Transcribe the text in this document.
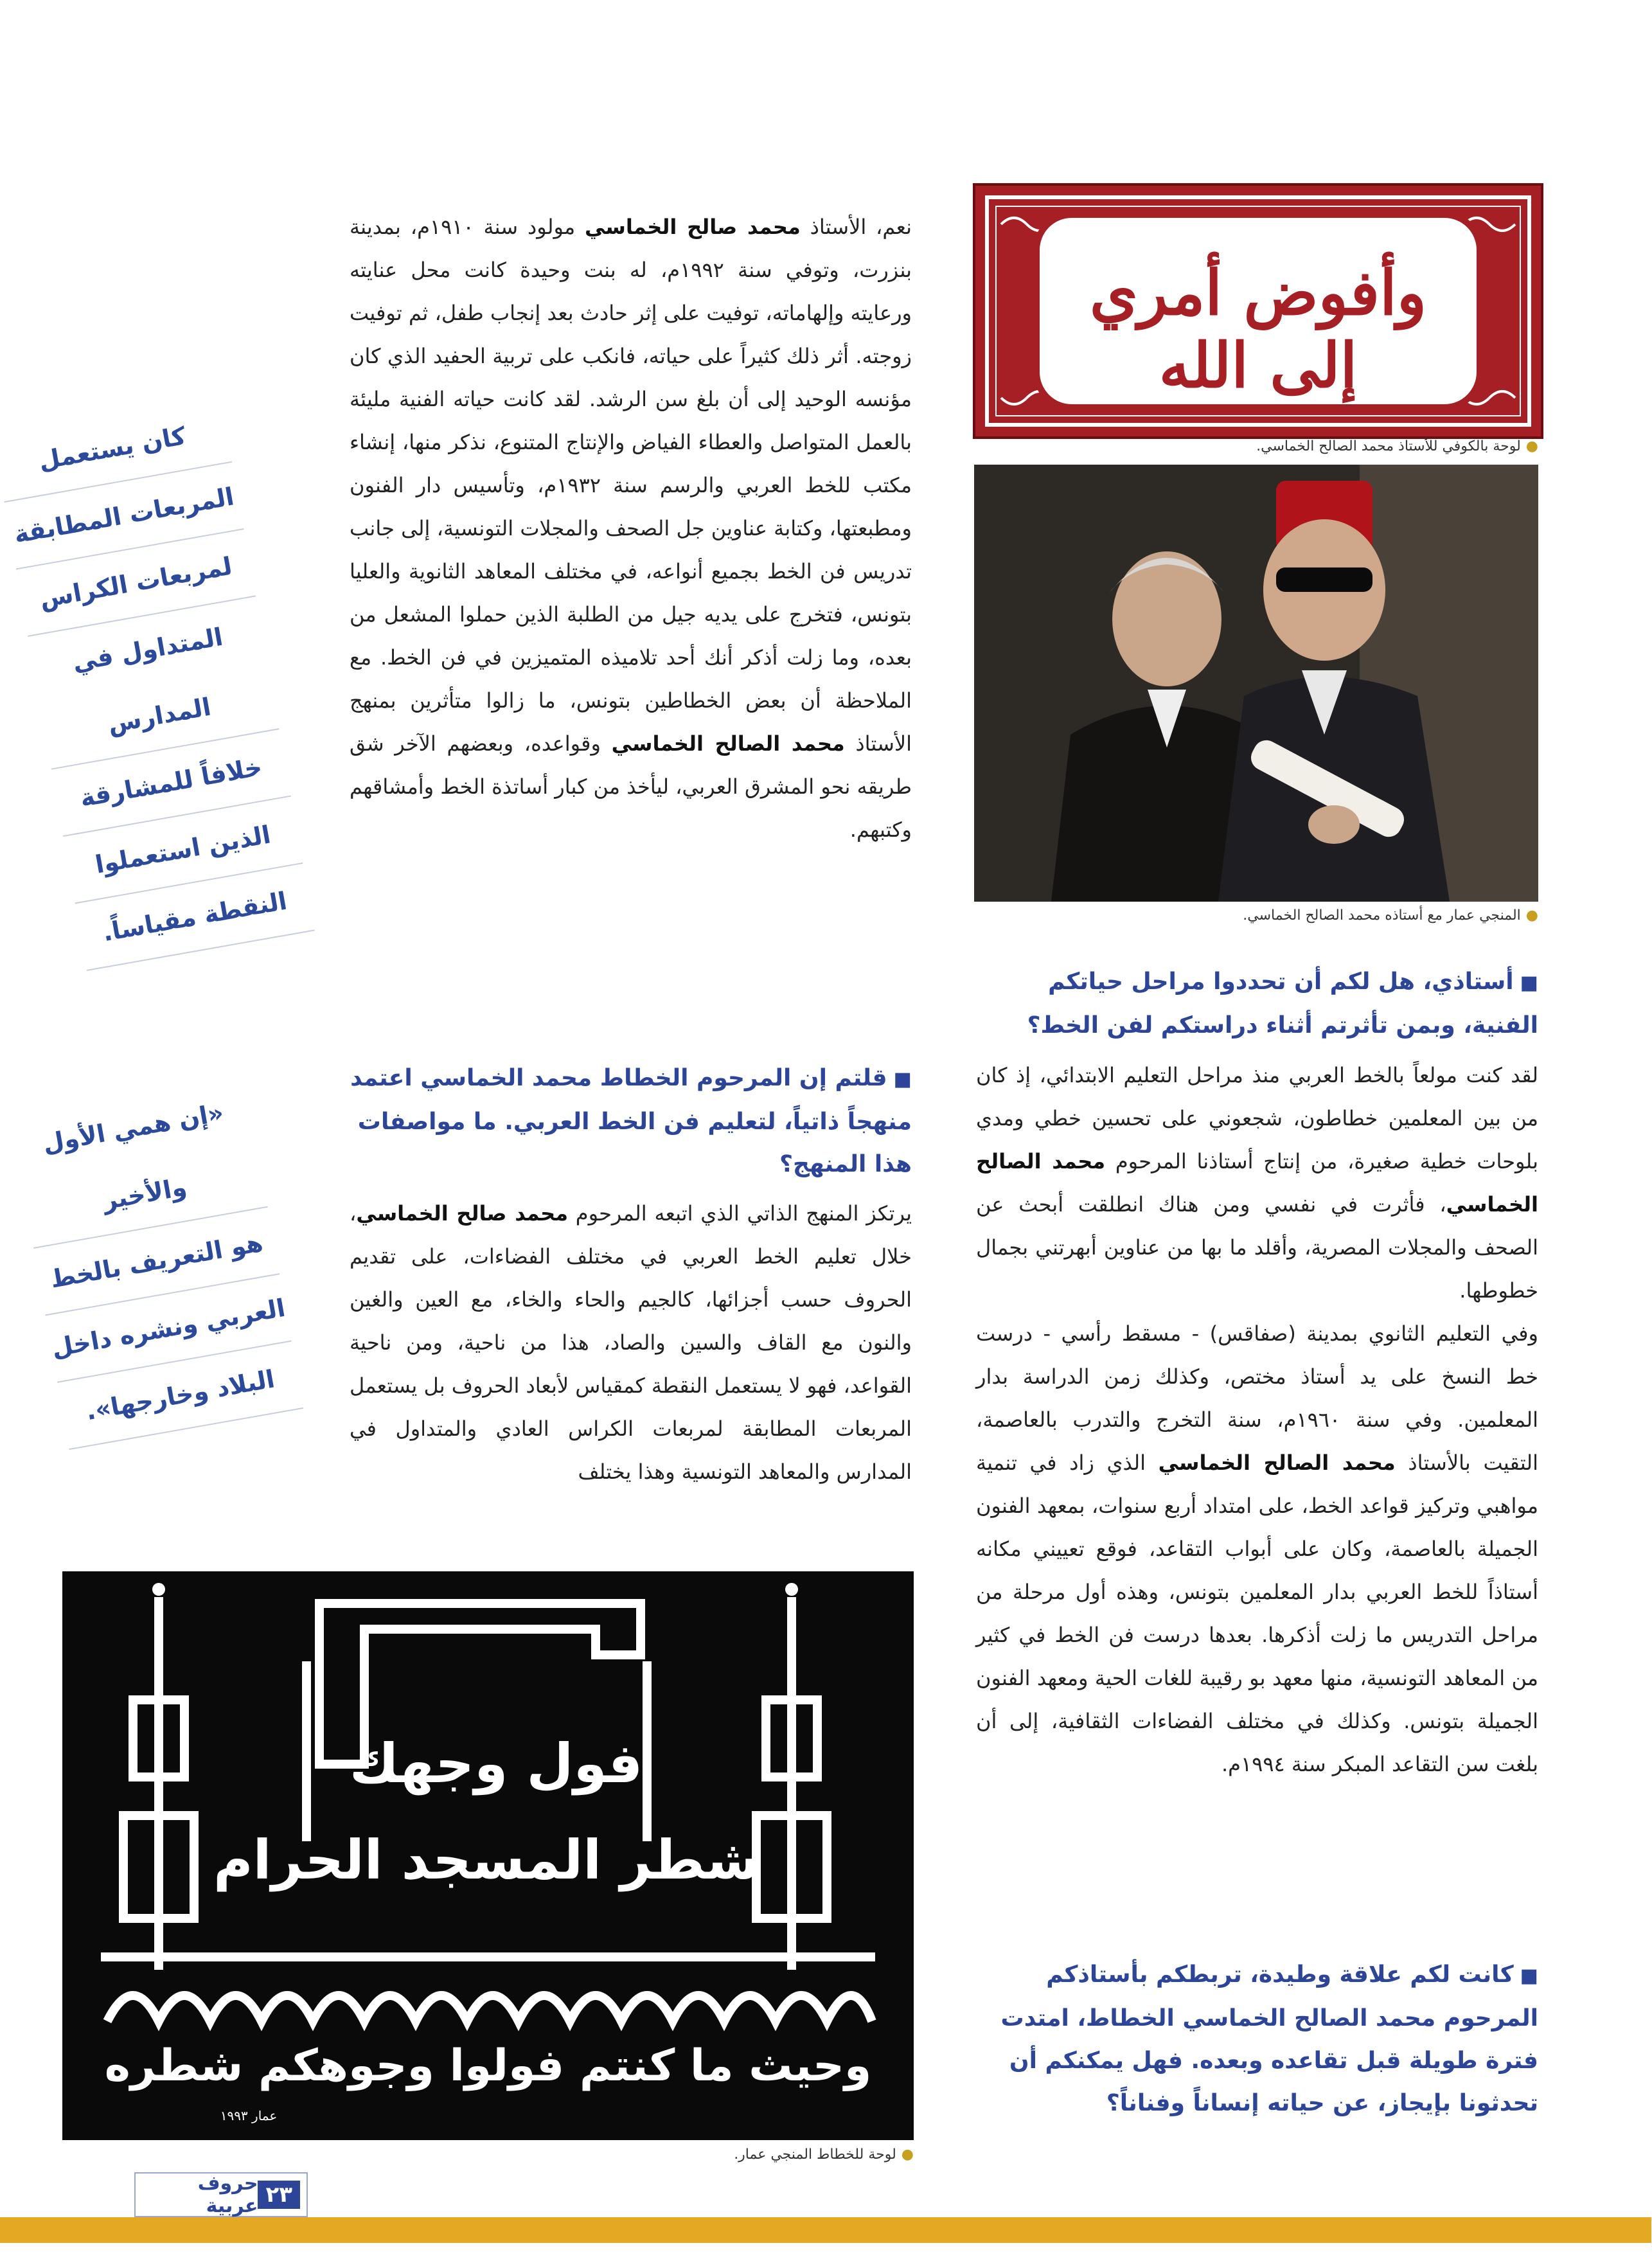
وأفوض أمري إلى الله
●لوحة بالكوفي للأستاذ محمد الصالح الخماسي.
●المنجي عمار مع أستاذه محمد الصالح الخماسي.
■أستاذي، هل لكم أن تحددوا مراحل حياتكم الفنية، وبمن تأثرتم أثناء دراستكم لفن الخط؟

لقد كنت مولعاً بالخط العربي منذ مراحل التعليم الابتدائي، إذ كان من بين المعلمين خطاطون، شجعوني على تحسين خطي ومدي بلوحات خطية صغيرة، من إنتاج أستاذنا المرحوم محمد الصالح الخماسي، فأثرت في نفسي ومن هناك انطلقت أبحث عن الصحف والمجلات المصرية، وأقلد ما بها من عناوين أبهرتني بجمال خطوطها.

وفي التعليم الثانوي بمدينة (صفاقس) - مسقط رأسي - درست خط النسخ على يد أستاذ مختص، وكذلك زمن الدراسة بدار المعلمين. وفي سنة ١٩٦٠م، سنة التخرج والتدرب بالعاصمة، التقيت بالأستاذ محمد الصالح الخماسي الذي زاد في تنمية مواهبي وتركيز قواعد الخط، على امتداد أربع سنوات، بمعهد الفنون الجميلة بالعاصمة، وكان على أبواب التقاعد، فوقع تعييني مكانه أستاذاً للخط العربي بدار المعلمين بتونس، وهذه أول مرحلة من مراحل التدريس ما زلت أذكرها. بعدها درست فن الخط في كثير من المعاهد التونسية، منها معهد بو رقيبة للغات الحية ومعهد الفنون الجميلة بتونس. وكذلك في مختلف الفضاءات الثقافية، إلى أن بلغت سن التقاعد المبكر سنة ١٩٩٤م.

■كانت لكم علاقة وطيدة، تربطكم بأستاذكم المرحوم محمد الصالح الخماسي الخطاط، امتدت فترة طويلة قبل تقاعده وبعده. فهل يمكنكم أن تحدثونا بإيجاز، عن حياته إنساناً وفناناً؟

نعم، الأستاذ محمد صالح الخماسي مولود سنة ١٩١٠م، بمدينة بنزرت، وتوفي سنة ١٩٩٢م، له بنت وحيدة كانت محل عنايته ورعايته وإلهاماته، توفيت على إثر حادث بعد إنجاب طفل، ثم توفيت زوجته. أثر ذلك كثيراً على حياته، فانكب على تربية الحفيد الذي كان مؤنسه الوحيد إلى أن بلغ سن الرشد. لقد كانت حياته الفنية مليئة بالعمل المتواصل والعطاء الفياض والإنتاج المتنوع، نذكر منها، إنشاء مكتب للخط العربي والرسم سنة ١٩٣٢م، وتأسيس دار الفنون ومطبعتها، وكتابة عناوين جل الصحف والمجلات التونسية، إلى جانب تدريس فن الخط بجميع أنواعه، في مختلف المعاهد الثانوية والعليا بتونس، فتخرج على يديه جيل من الطلبة الذين حملوا المشعل من بعده، وما زلت أذكر أنك أحد تلاميذه المتميزين في فن الخط. مع الملاحظة أن بعض الخطاطين بتونس، ما زالوا متأثرين بمنهج الأستاذ محمد الصالح الخماسي وقواعده، وبعضهم الآخر شق طريقه نحو المشرق العربي، ليأخذ من كبار أساتذة الخط وأمشاقهم وكتبهم.

■قلتم إن المرحوم الخطاط محمد الخماسي اعتمد منهجاً ذاتياً، لتعليم فن الخط العربي. ما مواصفات هذا المنهج؟

يرتكز المنهج الذاتي الذي اتبعه المرحوم محمد صالح الخماسي، خلال تعليم الخط العربي في مختلف الفضاءات، على تقديم الحروف حسب أجزائها، كالجيم والحاء والخاء، مع العين والغين والنون مع القاف والسين والصاد، هذا من ناحية، ومن ناحية القواعد، فهو لا يستعمل النقطة كمقياس لأبعاد الحروف بل يستعمل المربعات المطابقة لمربعات الكراس العادي والمتداول في المدارس والمعاهد التونسية وهذا يختلف

كان يستعمل
المربعات المطابقة
لمربعات الكراس
المتداول في المدارس
خلافاً للمشارقة
الذين استعملوا
النقطة مقياساً.
«إن همي الأول والأخير
هو التعريف بالخط
العربي ونشره داخل
البلاد وخارجها».
فول وجهك
شطر المسجد الحرام
وحيث ما كنتم فولوا وجوهكم شطره
عمار ١٩٩٣
●لوحة للخطاط المنجي عمار.
٢٣
حروف عربية
